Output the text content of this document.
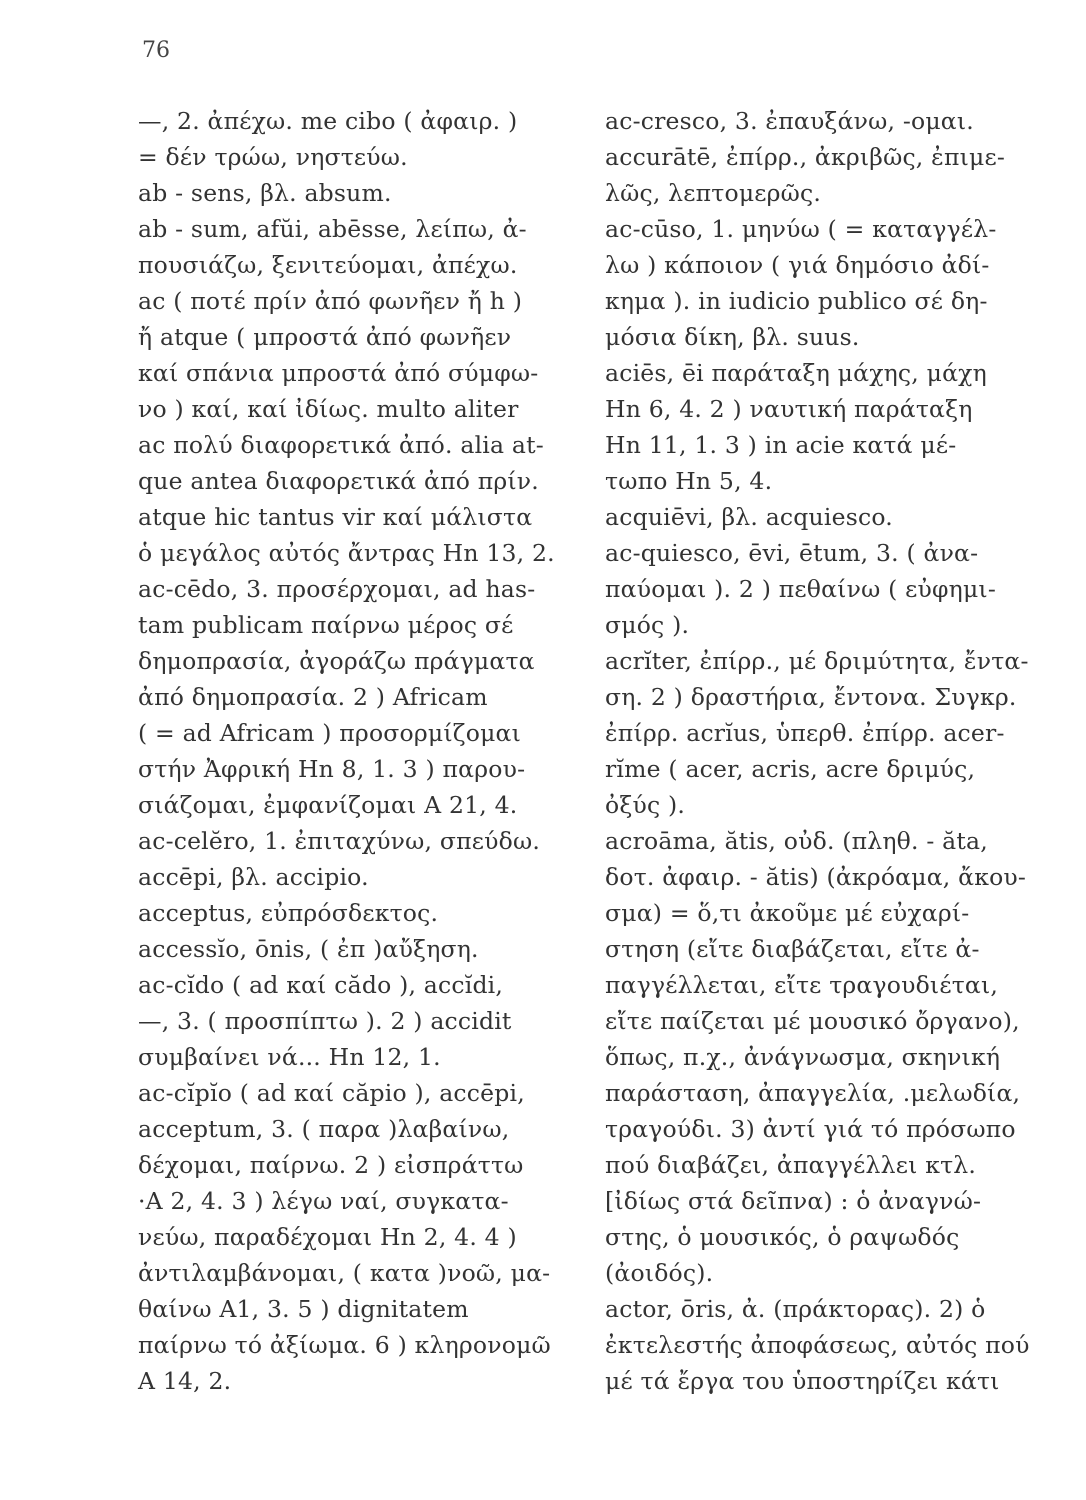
76
—, 2. ἀπέχω. me cibo ( ἀφαιρ. )
= δέν τρώω, νηστεύω.
ab - sens, βλ. absum.
ab - sum, afŭi, abēsse, λείπω, ἀ-
πουσιάζω, ξενιτεύομαι, ἀπέχω.
ac ( ποτέ πρίν ἀπό φωνῆεν ἤ h )
ἤ atque ( μπροστά ἀπό φωνῆεν
καί σπάνια μπροστά ἀπό σύμφω-
νο ) καί, καί ἰδίως. multo aliter
ac πολύ διαφορετικά ἀπό. alia at-
que antea διαφορετικά ἀπό πρίν.
atque hic tantus vir καί μάλιστα
ὁ μεγάλος αὐτός ἄντρας Hn 13, 2.
ac-cēdo, 3. προσέρχομαι, ad has-
tam publicam παίρνω μέρος σέ
δημοπρασία, ἀγοράζω πράγματα
ἀπό δημοπρασία. 2 ) Africam
( = ad Africam ) προσορμίζομαι
στήν Ἀφρική Hn 8, 1. 3 ) παρου-
σιάζομαι, ἐμφανίζομαι A 21, 4.
ac-celĕro, 1. ἐπιταχύνω, σπεύδω.
accēpi, βλ. accipio.
acceptus, εὐπρόσδεκτος.
accessĭo, ōnis, ( ἐπ )αὔξηση.
ac-cĭdo ( ad καί cădo ), accĭdi,
—, 3. ( προσπίπτω ). 2 ) accidit
συμβαίνει νά... Hn 12, 1.
ac-cĭpĭo ( ad καί căpio ), accēpi,
acceptum, 3. ( παρα )λαβαίνω,
δέχομαι, παίρνω. 2 ) εἰσπράττω
·A 2, 4. 3 ) λέγω ναί, συγκατα-
νεύω, παραδέχομαι Hn 2, 4. 4 )
ἀντιλαμβάνομαι, ( κατα )νοῶ, μα-
θαίνω A1, 3. 5 ) dignitatem
παίρνω τό ἀξίωμα. 6 ) κληρονομῶ
A 14, 2.
ac-cresco, 3. ἐπαυξάνω, -ομαι.
accurātē, ἐπίρρ., ἀκριβῶς, ἐπιμε-
λῶς, λεπτομερῶς.
ac-cūso, 1. μηνύω ( = καταγγέλ-
λω ) κάποιον ( γιά δημόσιο ἀδί-
κημα ). in iudicio publico σέ δη-
μόσια δίκη, βλ. suus.
aciēs, ēi παράταξη μάχης, μάχη
Hn 6, 4. 2 ) ναυτική παράταξη
Hn 11, 1. 3 ) in acie κατά μέ-
τωπο Hn 5, 4.
acquiēvi, βλ. acquiesco.
ac-quiesco, ēvi, ētum, 3. ( ἀνα-
παύομαι ). 2 ) πεθαίνω ( εὐφημι-
σμός ).
acrĭter, ἐπίρρ., μέ δριμύτητα, ἔντα-
ση. 2 ) δραστήρια, ἔντονα. Συγκρ.
ἐπίρρ. acrĭus, ὑπερθ. ἐπίρρ. acer-
rĭme ( acer, acris, acre δριμύς,
ὀξύς ).
acroāma, ătis, οὐδ. (πληθ. - ăta,
δοτ. ἀφαιρ. - ătis) (ἀκρόαμα, ἄκου-
σμα) = ὅ,τι ἀκοῦμε μέ εὐχαρί-
στηση (εἴτε διαβάζεται, εἴτε ἀ-
παγγέλλεται, εἴτε τραγουδιέται,
εἴτε παίζεται μέ μουσικό ὄργανο),
ὅπως, π.χ., ἀνάγνωσμα, σκηνική
παράσταση, ἀπαγγελία, .μελωδία,
τραγούδι. 3) ἀντί γιά τό πρόσωπο
πού διαβάζει, ἀπαγγέλλει κτλ.
[ἰδίως στά δεῖπνα) : ὁ ἀναγνώ-
στης, ὁ μουσικός, ὁ ραψωδός
(ἀοιδός).
actor, ōris, ἀ. (πράκτορας). 2) ὁ
ἐκτελεστής ἀποφάσεως, αὐτός πού
μέ τά ἔργα του ὑποστηρίζει κάτι
